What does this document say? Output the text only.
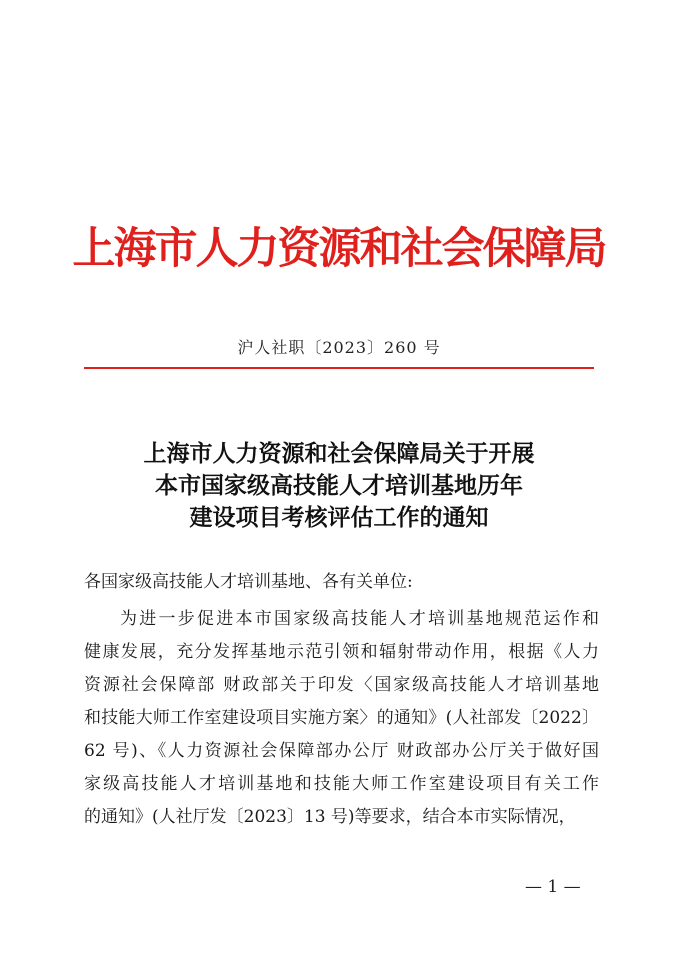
上海市人力资源和社会保障局
沪人社职〔2023〕260 号
上海市人力资源和社会保障局关于开展
本市国家级高技能人才培训基地历年
建设项目考核评估工作的通知
各国家级高技能人才培训基地、各有关单位:
为进一步促进本市国家级高技能人才培训基地规范运作和
健康发展，充分发挥基地示范引领和辐射带动作用，根据《人力
资源社会保障部 财政部关于印发〈国家级高技能人才培训基地
和技能大师工作室建设项目实施方案〉的通知》(人社部发〔2022〕
62 号)、《人力资源社会保障部办公厅 财政部办公厅关于做好国
家级高技能人才培训基地和技能大师工作室建设项目有关工作
的通知》(人社厅发〔2023〕13 号)等要求，结合本市实际情况，
— 1 —
